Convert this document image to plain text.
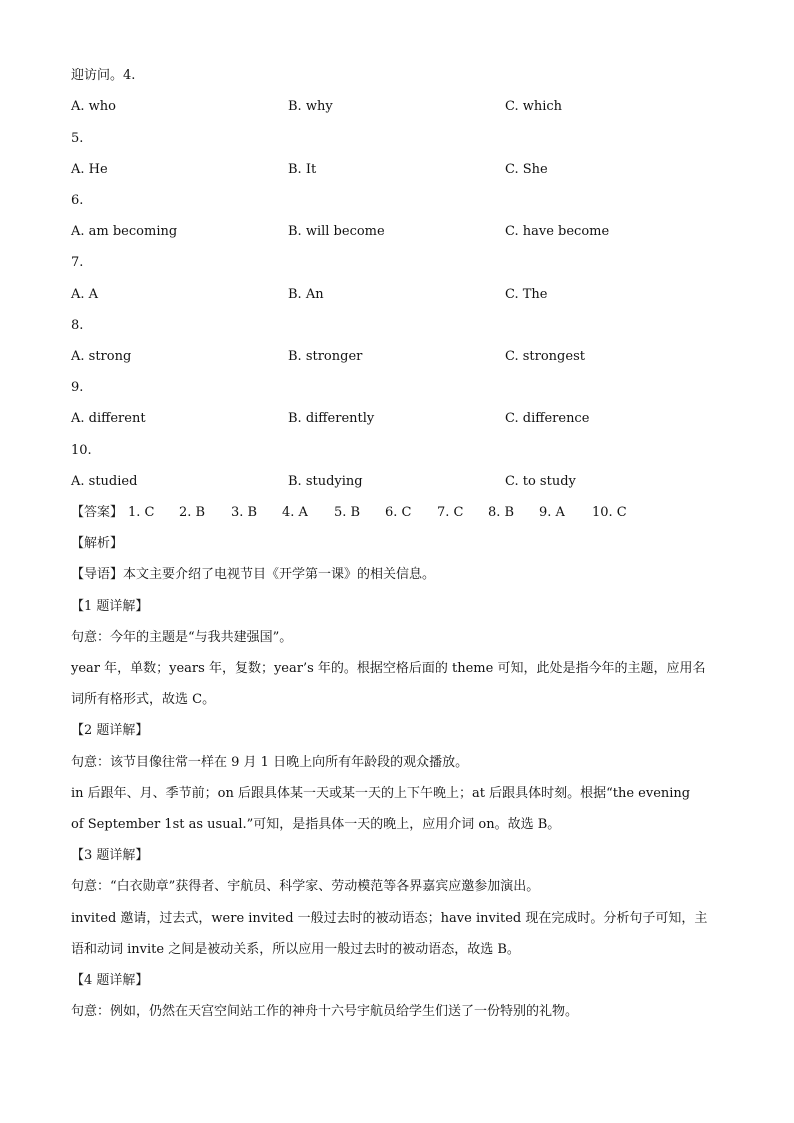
迎访问。4.
A. who	B. why	C. which
5.
A. He	B. It	C. She
6.
A. am becoming	B. will become	C. have become
7.
A. A	B. An	C. The
8.
A. strong	B. stronger	C. strongest
9.
A. different	B. differently	C. difference
10.
A. studied	B. studying	C. to study
【答案】 1. C 2. B 3. B 4. A 5. B 6. C 7. C 8. B 9. A 10. C
【解析】
【导语】本文主要介绍了电视节目《开学第一课》的相关信息。
【1 题详解】
句意：今年的主题是“与我共建强国”。
year 年，单数；years 年，复数；year’s 年的。根据空格后面的 theme 可知，此处是指今年的主题，应用名
词所有格形式，故选 C。
【2 题详解】
句意：该节目像往常一样在 9 月 1 日晚上向所有年龄段的观众播放。
in 后跟年、月、季节前；on 后跟具体某一天或某一天的上下午晚上；at 后跟具体时刻。根据“the evening
of September 1st as usual.”可知，是指具体一天的晚上，应用介词 on。故选 B。
【3 题详解】
句意：“白衣勋章”获得者、宇航员、科学家、劳动模范等各界嘉宾应邀参加演出。
invited 邀请，过去式，were invited 一般过去时的被动语态；have invited 现在完成时。分析句子可知，主
语和动词 invite 之间是被动关系，所以应用一般过去时的被动语态，故选 B。
【4 题详解】
句意：例如，仍然在天宫空间站工作的神舟十六号宇航员给学生们送了一份特别的礼物。
